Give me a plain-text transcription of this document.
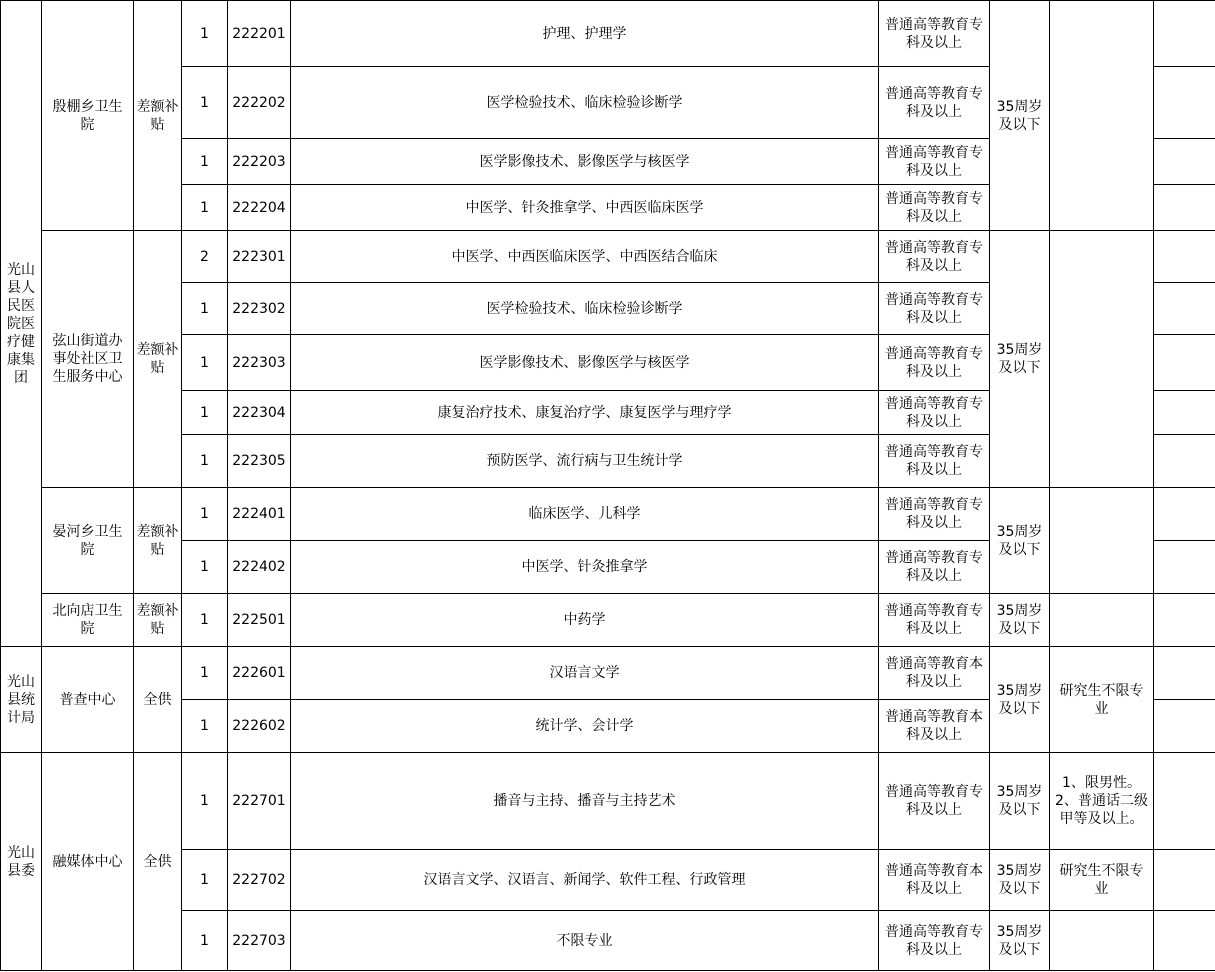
光山县人民医院医疗健康集团	殷棚乡卫生院	差额补贴	1	222201	护理、护理学	普通高等教育专科及以上	35周岁及以下		
			1	222202	医学检验技术、临床检验诊断学	普通高等教育专科及以上			
			1	222203	医学影像技术、影像医学与核医学	普通高等教育专科及以上			
			1	222204	中医学、针灸推拿学、中西医临床医学	普通高等教育专科及以上			
	弦山街道办事处社区卫生服务中心	差额补贴	2	222301	中医学、中西医临床医学、中西医结合临床	普通高等教育专科及以上	35周岁及以下		
			1	222302	医学检验技术、临床检验诊断学	普通高等教育专科及以上			
			1	222303	医学影像技术、影像医学与核医学	普通高等教育专科及以上			
			1	222304	康复治疗技术、康复治疗学、康复医学与理疗学	普通高等教育专科及以上			
			1	222305	预防医学、流行病与卫生统计学	普通高等教育专科及以上			
	晏河乡卫生院	差额补贴	1	222401	临床医学、儿科学	普通高等教育专科及以上	35周岁及以下		
			1	222402	中医学、针灸推拿学	普通高等教育专科及以上			
	北向店卫生院	差额补贴	1	222501	中药学	普通高等教育专科及以上	35周岁及以下		
光山县统计局	普查中心	全供	1	222601	汉语言文学	普通高等教育本科及以上	35周岁及以下	研究生不限专业	
			1	222602	统计学、会计学	普通高等教育本科及以上			
光山县委	融媒体中心	全供	1	222701	播音与主持、播音与主持艺术	普通高等教育专科及以上	35周岁及以下	1、限男性。2、普通话二级甲等及以上。	
			1	222702	汉语言文学、汉语言、新闻学、软件工程、行政管理	普通高等教育本科及以上	35周岁及以下	研究生不限专业	
			1	222703	不限专业	普通高等教育专科及以上	35周岁及以下		
